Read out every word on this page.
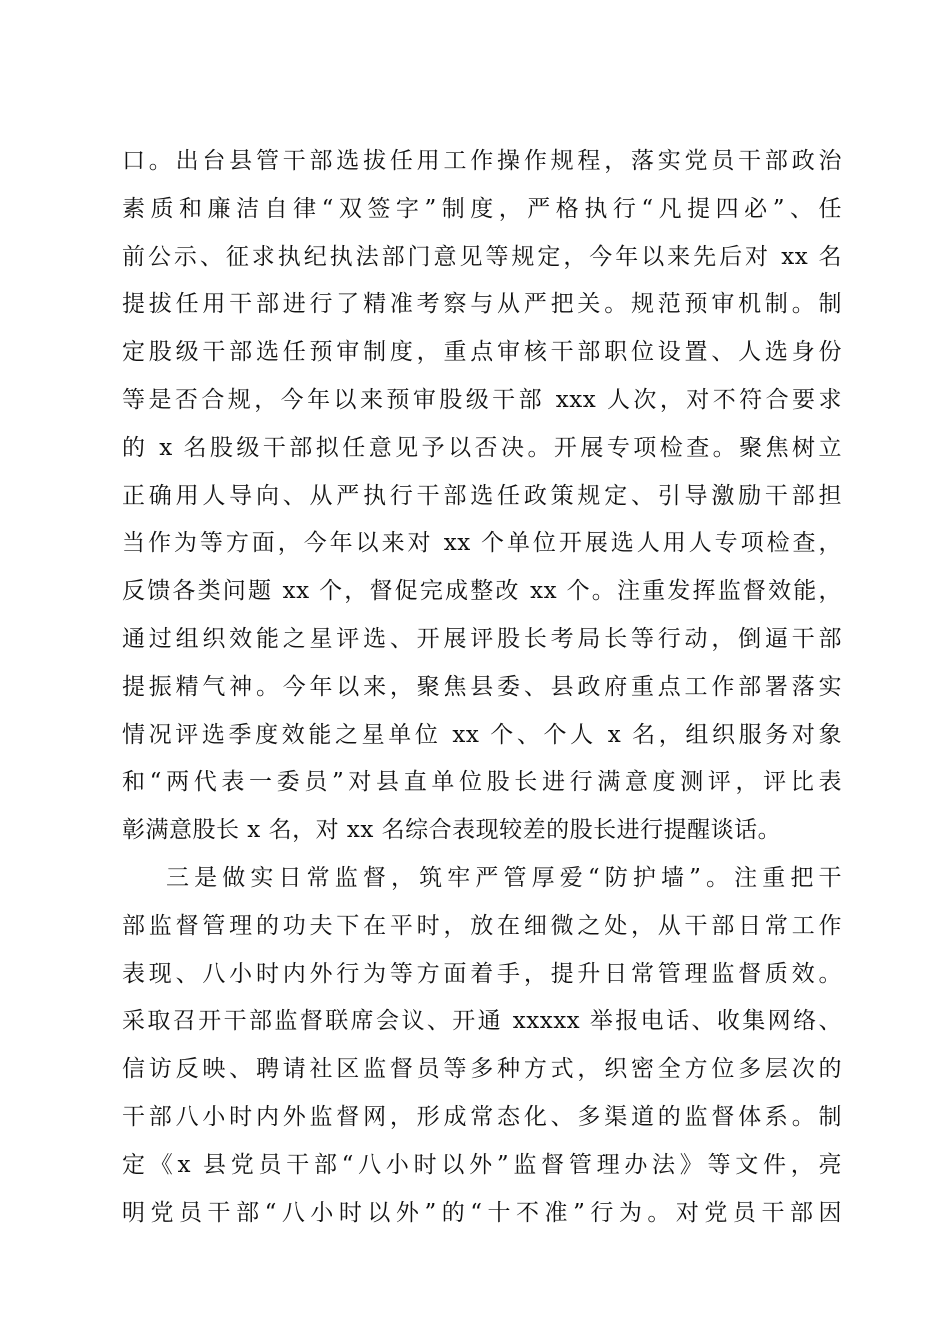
口。出台县管干部选拔任用工作操作规程，落实党员干部政治
素质和廉洁自律“双签字”制度，严格执行“凡提四必”、任
前公示、征求执纪执法部门意见等规定，今年以来先后对 xx 名
提拔任用干部进行了精准考察与从严把关。规范预审机制。制
定股级干部选任预审制度，重点审核干部职位设置、人选身份
等是否合规，今年以来预审股级干部 xxx 人次，对不符合要求
的 x 名股级干部拟任意见予以否决。开展专项检查。聚焦树立
正确用人导向、从严执行干部选任政策规定、引导激励干部担
当作为等方面，今年以来对 xx 个单位开展选人用人专项检查，
反馈各类问题 xx 个，督促完成整改 xx 个。注重发挥监督效能，
通过组织效能之星评选、开展评股长考局长等行动，倒逼干部
提振精气神。今年以来，聚焦县委、县政府重点工作部署落实
情况评选季度效能之星单位 xx 个、个人 x 名，组织服务对象
和“两代表一委员”对县直单位股长进行满意度测评，评比表
彰满意股长 x 名，对 xx 名综合表现较差的股长进行提醒谈话。
三是做实日常监督，筑牢严管厚爱“防护墙”。注重把干
部监督管理的功夫下在平时，放在细微之处，从干部日常工作
表现、八小时内外行为等方面着手，提升日常管理监督质效。
采取召开干部监督联席会议、开通 xxxxx 举报电话、收集网络、
信访反映、聘请社区监督员等多种方式，织密全方位多层次的
干部八小时内外监督网，形成常态化、多渠道的监督体系。制
定《x 县党员干部“八小时以外”监督管理办法》等文件，亮
明党员干部“八小时以外”的“十不准”行为。对党员干部因
